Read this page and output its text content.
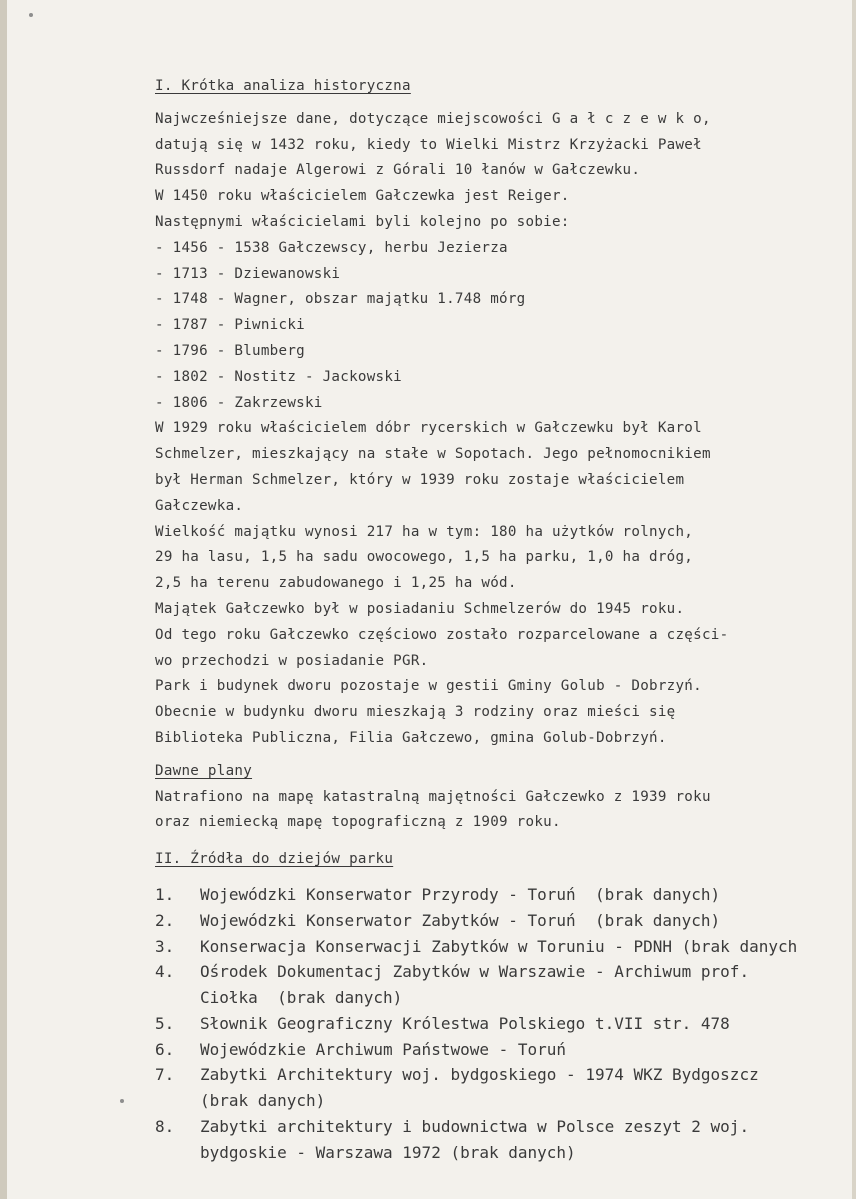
I. Krótka analiza historyczna
Najwcześniejsze dane, dotyczące miejscowości G a ł c z e w k o,
datują się w 1432 roku, kiedy to Wielki Mistrz Krzyżacki Paweł
Russdorf nadaje Algerowi z Górali 10 łanów w Gałczewku.
W 1450 roku właścicielem Gałczewka jest Reiger.
Następnymi właścicielami byli kolejno po sobie:
- 1456 - 1538 Gałczewscy, herbu Jezierza
- 1713 - Dziewanowski
- 1748 - Wagner, obszar majątku 1.748 mórg
- 1787 - Piwnicki
- 1796 - Blumberg
- 1802 - Nostitz - Jackowski
- 1806 - Zakrzewski
W 1929 roku właścicielem dóbr rycerskich w Gałczewku był Karol
Schmelzer, mieszkający na stałe w Sopotach. Jego pełnomocnikiem
był Herman Schmelzer, który w 1939 roku zostaje właścicielem
Gałczewka.
Wielkość majątku wynosi 217 ha w tym: 180 ha użytków rolnych,
29 ha lasu, 1,5 ha sadu owocowego, 1,5 ha parku, 1,0 ha dróg,
2,5 ha terenu zabudowanego i 1,25 ha wód.
Majątek Gałczewko był w posiadaniu Schmelzerów do 1945 roku.
Od tego roku Gałczewko częściowo zostało rozparcelowane a części-
wo przechodzi w posiadanie PGR.
Park i budynek dworu pozostaje w gestii Gminy Golub - Dobrzyń.
Obecnie w budynku dworu mieszkają 3 rodziny oraz mieści się
Biblioteka Publiczna, Filia Gałczewo, gmina Golub-Dobrzyń.
Dawne plany
Natrafiono na mapę katastralną majętności Gałczewko z 1939 roku
oraz niemiecką mapę topograficzną z 1909 roku.
II. Źródła do dziejów parku
1.	Wojewódzki Konserwator Przyrody - Toruń  (brak danych)
2.	Wojewódzki Konserwator Zabytków - Toruń  (brak danych)
3.	Konserwacja Konserwacji Zabytków w Toruniu - PDNH (brak danych
4.	Ośrodek Dokumentacj Zabytków w Warszawie - Archiwum prof.
Ciołka  (brak danych)
5.	Słownik Geograficzny Królestwa Polskiego t.VII str. 478
6.	Wojewódzkie Archiwum Państwowe - Toruń
7.	Zabytki Architektury woj. bydgoskiego - 1974 WKZ Bydgoszcz
(brak danych)
8.	Zabytki architektury i budownictwa w Polsce zeszyt 2 woj.
bydgoskie - Warszawa 1972 (brak danych)
